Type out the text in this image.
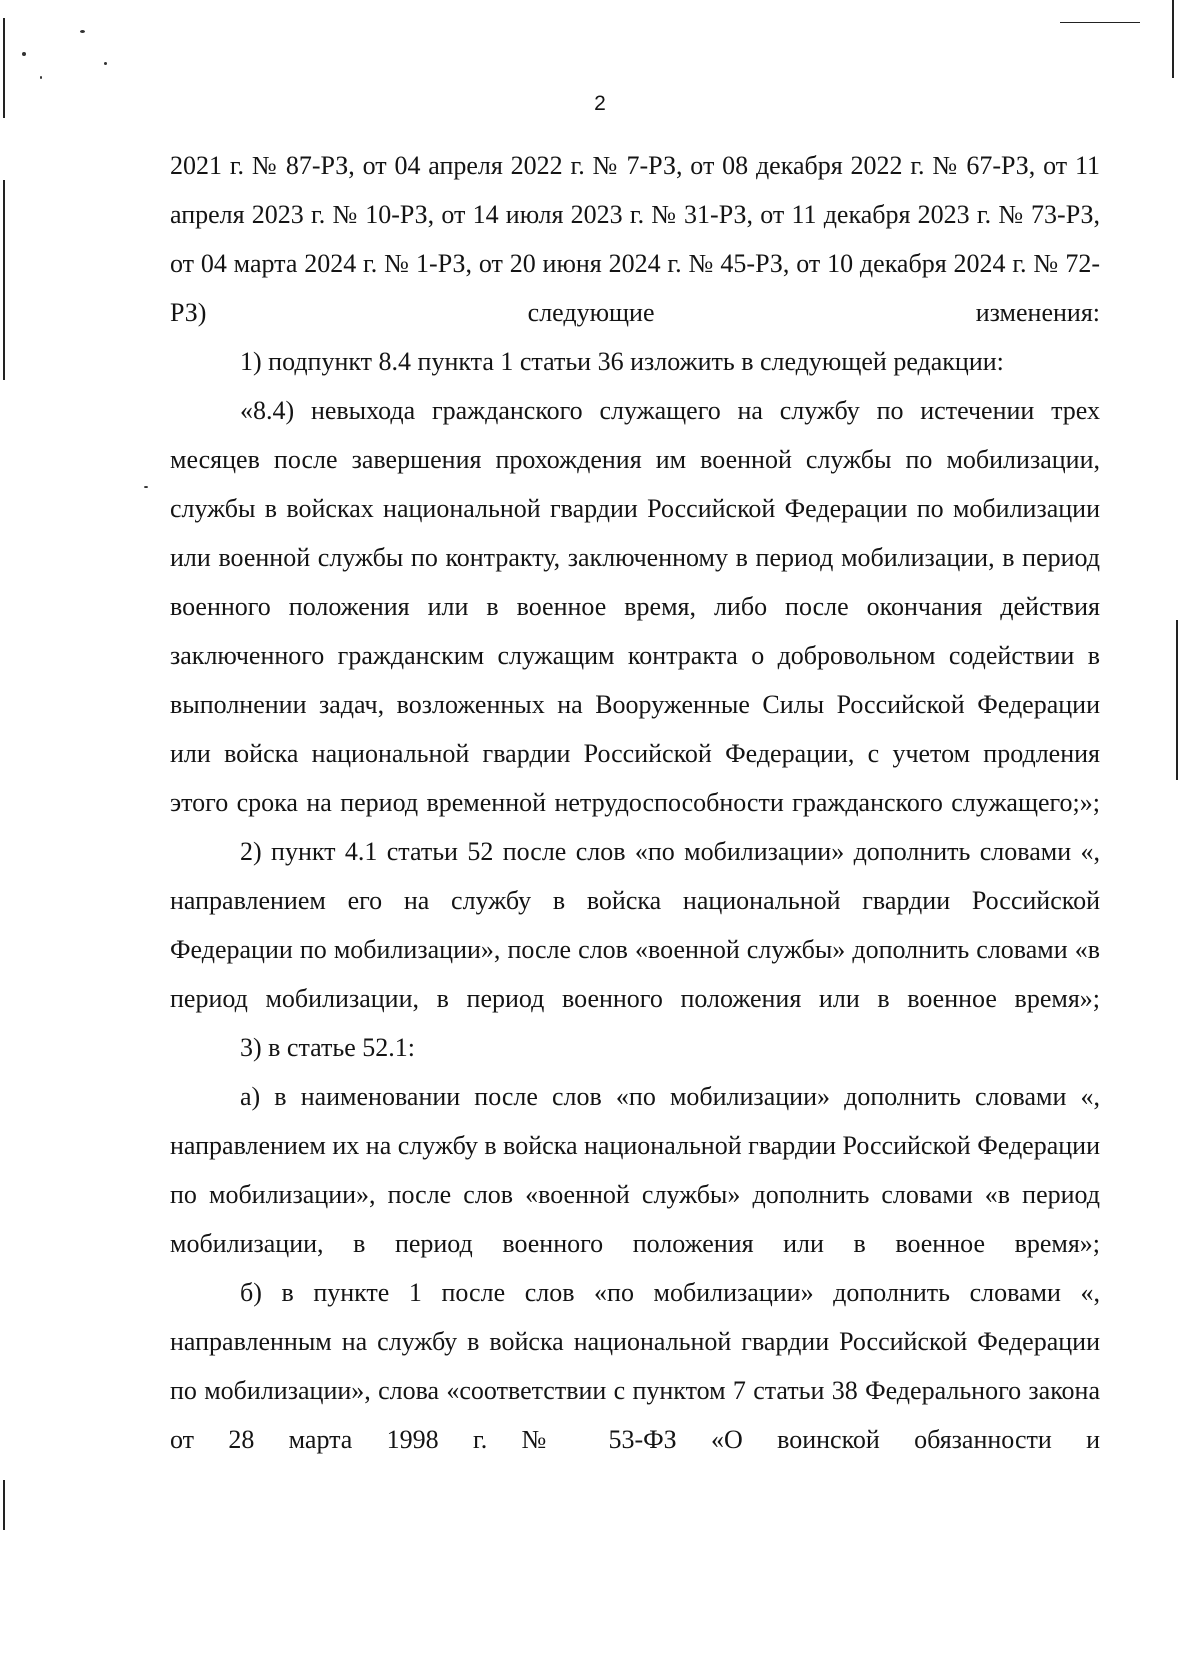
2

2021 г. № 87-РЗ, от 04 апреля 2022 г. № 7-РЗ, от 08 декабря 2022 г. № 67-РЗ, от 11 апреля 2023 г. № 10-РЗ, от 14 июля 2023 г. № 31-РЗ, от 11 декабря 2023 г. № 73-РЗ, от 04 марта 2024 г. № 1-РЗ, от 20 июня 2024 г. № 45-РЗ, от 10 декабря 2024 г. № 72-РЗ) следующие изменения:

1) подпункт 8.4 пункта 1 статьи 36 изложить в следующей редакции:

«8.4) невыхода гражданского служащего на службу по истечении трех месяцев после завершения прохождения им военной службы по мобилизации, службы в войсках национальной гвардии Российской Федерации по мобилизации или военной службы по контракту, заключенному в период мобилизации, в период военного положения или в военное время, либо после окончания действия заключенного гражданским служащим контракта о добровольном содействии в выполнении задач, возложенных на Вооруженные Силы Российской Федерации или войска национальной гвардии Российской Федерации, с учетом продления этого срока на период временной нетрудоспособности гражданского служащего;»;

2) пункт 4.1 статьи 52 после слов «по мобилизации» дополнить словами «, направлением его на службу в войска национальной гвардии Российской Федерации по мобилизации», после слов «военной службы» дополнить словами «в период мобилизации, в период военного положения или в военное время»;

3) в статье 52.1:

а) в наименовании после слов «по мобилизации» дополнить словами «, направлением их на службу в войска национальной гвардии Российской Федерации по мобилизации», после слов «военной службы» дополнить словами «в период мобилизации, в период военного положения или в военное время»;

б) в пункте 1 после слов «по мобилизации» дополнить словами «, направленным на службу в войска национальной гвардии Российской Федерации по мобилизации», слова «соответствии с пунктом 7 статьи 38 Федерального закона от 28 марта 1998 г. № 53-ФЗ «О воинской обязанности и
